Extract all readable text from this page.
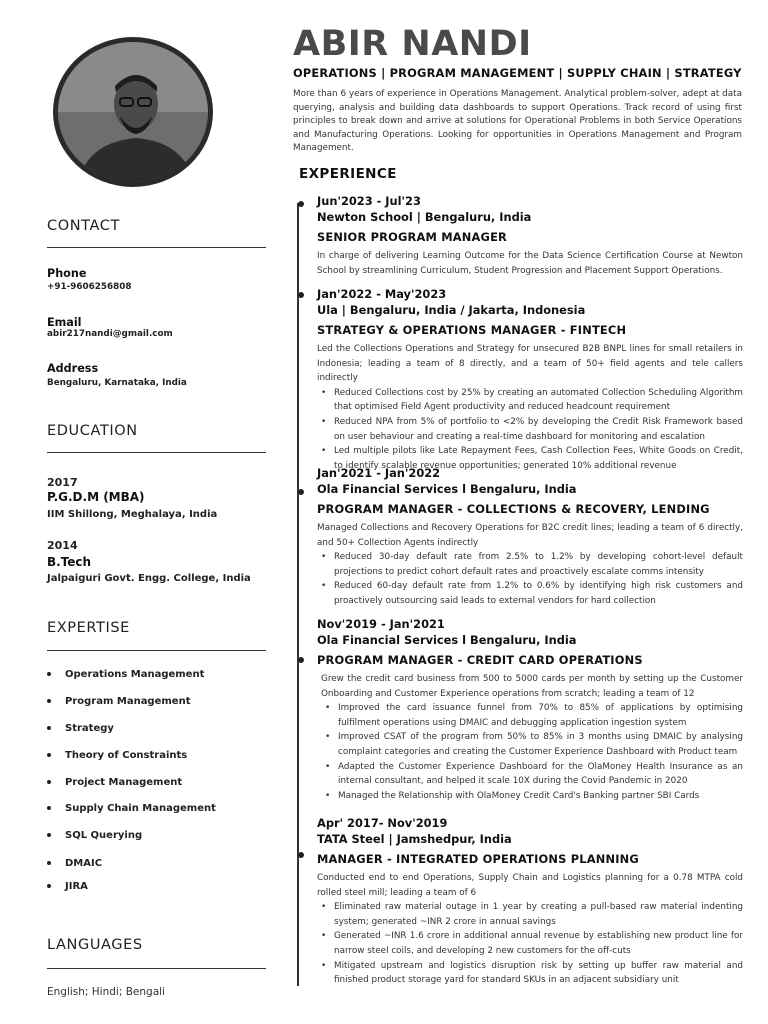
CONTACT
Phone
+91-9606256808
Email
abir217nandi@gmail.com
Address
Bengaluru, Karnataka, India
EDUCATION
2017
P.G.D.M (MBA)
IIM Shillong, Meghalaya, India
2014
B.Tech
Jalpaiguri Govt. Engg. College, India
EXPERTISE
Operations Management
Program Management
Strategy
Theory of Constraints
Project Management
Supply Chain Management
SQL Querying
DMAIC
JIRA
LANGUAGES
English; Hindi; Bengali
ABIR NANDI
OPERATIONS | PROGRAM MANAGEMENT | SUPPLY CHAIN | STRATEGY
More than 6 years of experience in Operations Management. Analytical problem-solver, adept at data querying, analysis and building data dashboards to support Operations. Track record of using first principles to break down and arrive at solutions for Operational Problems in both Service Operations and Manufacturing Operations. Looking for opportunities in Operations Management and Program Management.
EXPERIENCE
Jun'2023 - Jul'23
Newton School | Bengaluru, India
SENIOR PROGRAM MANAGER
In charge of delivering Learning Outcome for the Data Science Certification Course at Newton School by streamlining Curriculum, Student Progression and Placement Support Operations.
Jan'2022 - May'2023
Ula | Bengaluru, India / Jakarta, Indonesia
STRATEGY & OPERATIONS MANAGER - FINTECH
Led the Collections Operations and Strategy for unsecured B2B BNPL lines for small retailers in Indonesia; leading a team of 8 directly, and a team of 50+ field agents and tele callers indirectly
• Reduced Collections cost by 25% by creating an automated Collection Scheduling Algorithm that optimised Field Agent productivity and reduced headcount requirement
• Reduced NPA from 5% of portfolio to <2% by developing the Credit Risk Framework based on user behaviour and creating a real-time dashboard for monitoring and escalation
• Led multiple pilots like Late Repayment Fees, Cash Collection Fees, White Goods on Credit, to identify scalable revenue opportunities; generated 10% additional revenue
Jan'2021 - Jan'2022
Ola Financial Services l Bengaluru, India
PROGRAM MANAGER - COLLECTIONS & RECOVERY, LENDING
Managed Collections and Recovery Operations for B2C credit lines; leading a team of 6 directly, and 50+ Collection Agents indirectly
• Reduced 30-day default rate from 2.5% to 1.2% by developing cohort-level default projections to predict cohort default rates and proactively escalate comms intensity
• Reduced 60-day default rate from 1.2% to 0.6% by identifying high risk customers and proactively outsourcing said leads to external vendors for hard collection
Nov'2019 - Jan'2021
Ola Financial Services l Bengaluru, India
PROGRAM MANAGER - CREDIT CARD OPERATIONS
Grew the credit card business from 500 to 5000 cards per month by setting up the Customer Onboarding and Customer Experience operations from scratch; leading a team of 12
• Improved the card issuance funnel from 70% to 85% of applications by optimising fulfilment operations using DMAIC and debugging application ingestion system
• Improved CSAT of the program from 50% to 85% in 3 months using DMAIC by analysing complaint categories and creating the Customer Experience Dashboard with Product team
• Adapted the Customer Experience Dashboard for the OlaMoney Health Insurance as an internal consultant, and helped it scale 10X during the Covid Pandemic in 2020
• Managed the Relationship with OlaMoney Credit Card's Banking partner SBI Cards
Apr' 2017- Nov'2019
TATA Steel | Jamshedpur, India
MANAGER - INTEGRATED OPERATIONS PLANNING
Conducted end to end Operations, Supply Chain and Logistics planning for a 0.78 MTPA cold rolled steel mill; leading a team of 6
• Eliminated raw material outage in 1 year by creating a pull-based raw material indenting system; generated ~INR 2 crore in annual savings
• Generated ~INR 1.6 crore in additional annual revenue by establishing new product line for narrow steel coils, and developing 2 new customers for the off-cuts
• Mitigated upstream and logistics disruption risk by setting up buffer raw material and finished product storage yard for standard SKUs in an adjacent subsidiary unit
